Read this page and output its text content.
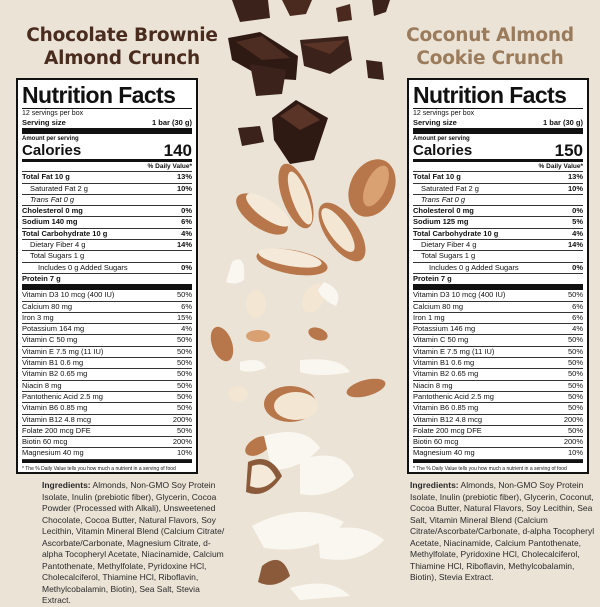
Chocolate Brownie
Almond Crunch
Coconut Almond
Cookie Crunch
Nutrition Facts
12 servings per box
Serving size	1 bar (30 g)
Amount per serving
Calories	140
% Daily Value*
Total Fat 10 g	13%
Saturated Fat 2 g	10%
Trans Fat 0 g
Cholesterol 0 mg	0%
Sodium 140 mg	6%
Total Carbohydrate 10 g	4%
Dietary Fiber 4 g	14%
Total Sugars 1 g
Includes 0 g Added Sugars	0%
Protein 7 g
Vitamin D3 10 mcg (400 IU)	50%
Calcium 80 mg	6%
Iron 3 mg	15%
Potassium 164 mg	4%
Vitamin C 50 mg	50%
Vitamin E 7.5 mg (11 IU)	50%
Vitamin B1 0.6 mg	50%
Vitamin B2 0.65 mg	50%
Niacin 8 mg	50%
Pantothenic Acid 2.5 mg	50%
Vitamin B6 0.85 mg	50%
Vitamin B12 4.8 mcg	200%
Folate 200 mcg DFE	50%
Biotin 60 mcg	200%
Magnesium 40 mg	10%
* The % Daily Value tells you how much a nutrient in a serving of food
Nutrition Facts
12 servings per box
Serving size	1 bar (30 g)
Amount per serving
Calories	150
% Daily Value*
Total Fat 10 g	13%
Saturated Fat 2 g	10%
Trans Fat 0 g
Cholesterol 0 mg	0%
Sodium 125 mg	5%
Total Carbohydrate 10 g	4%
Dietary Fiber 4 g	14%
Total Sugars 1 g
Includes 0 g Added Sugars	0%
Protein 7 g
Vitamin D3 10 mcg (400 IU)	50%
Calcium 80 mg	6%
Iron 1 mg	6%
Potassium 146 mg	4%
Vitamin C 50 mg	50%
Vitamin E 7.5 mg (11 IU)	50%
Vitamin B1 0.6 mg	50%
Vitamin B2 0.65 mg	50%
Niacin 8 mg	50%
Pantothenic Acid 2.5 mg	50%
Vitamin B6 0.85 mg	50%
Vitamin B12 4.8 mcg	200%
Folate 200 mcg DFE	50%
Biotin 60 mcg	200%
Magnesium 40 mg	10%
* The % Daily Value tells you how much a nutrient in a serving of food
Ingredients: Almonds, Non-GMO Soy Protein Isolate, Inulin (prebiotic fiber), Glycerin, Cocoa Powder (Processed with Alkali), Unsweetened Chocolate, Cocoa Butter, Natural Flavors, Soy Lecithin, Vitamin Mineral Blend (Calcium Citrate/ Ascorbate/Carbonate, Magnesium Citrate, d-alpha Tocopheryl Acetate, Niacinamide, Calcium Pantothenate, Methylfolate, Pyridoxine HCl, Cholecalciferol, Thiamine HCl, Riboflavin, Methylcobalamin, Biotin), Sea Salt, Stevia Extract.
Ingredients: Almonds, Non-GMO Soy Protein Isolate, Inulin (prebiotic fiber), Glycerin, Coconut, Cocoa Butter, Natural Flavors, Soy Lecithin, Sea Salt, Vitamin Mineral Blend (Calcium Citrate/Ascorbate/Carbonate, d-alpha Tocopheryl Acetate, Niacinamide, Calcium Pantothenate, Methylfolate, Pyridoxine HCl, Cholecalciferol, Thiamine HCl, Riboflavin, Methylcobalamin, Biotin), Stevia Extract.
